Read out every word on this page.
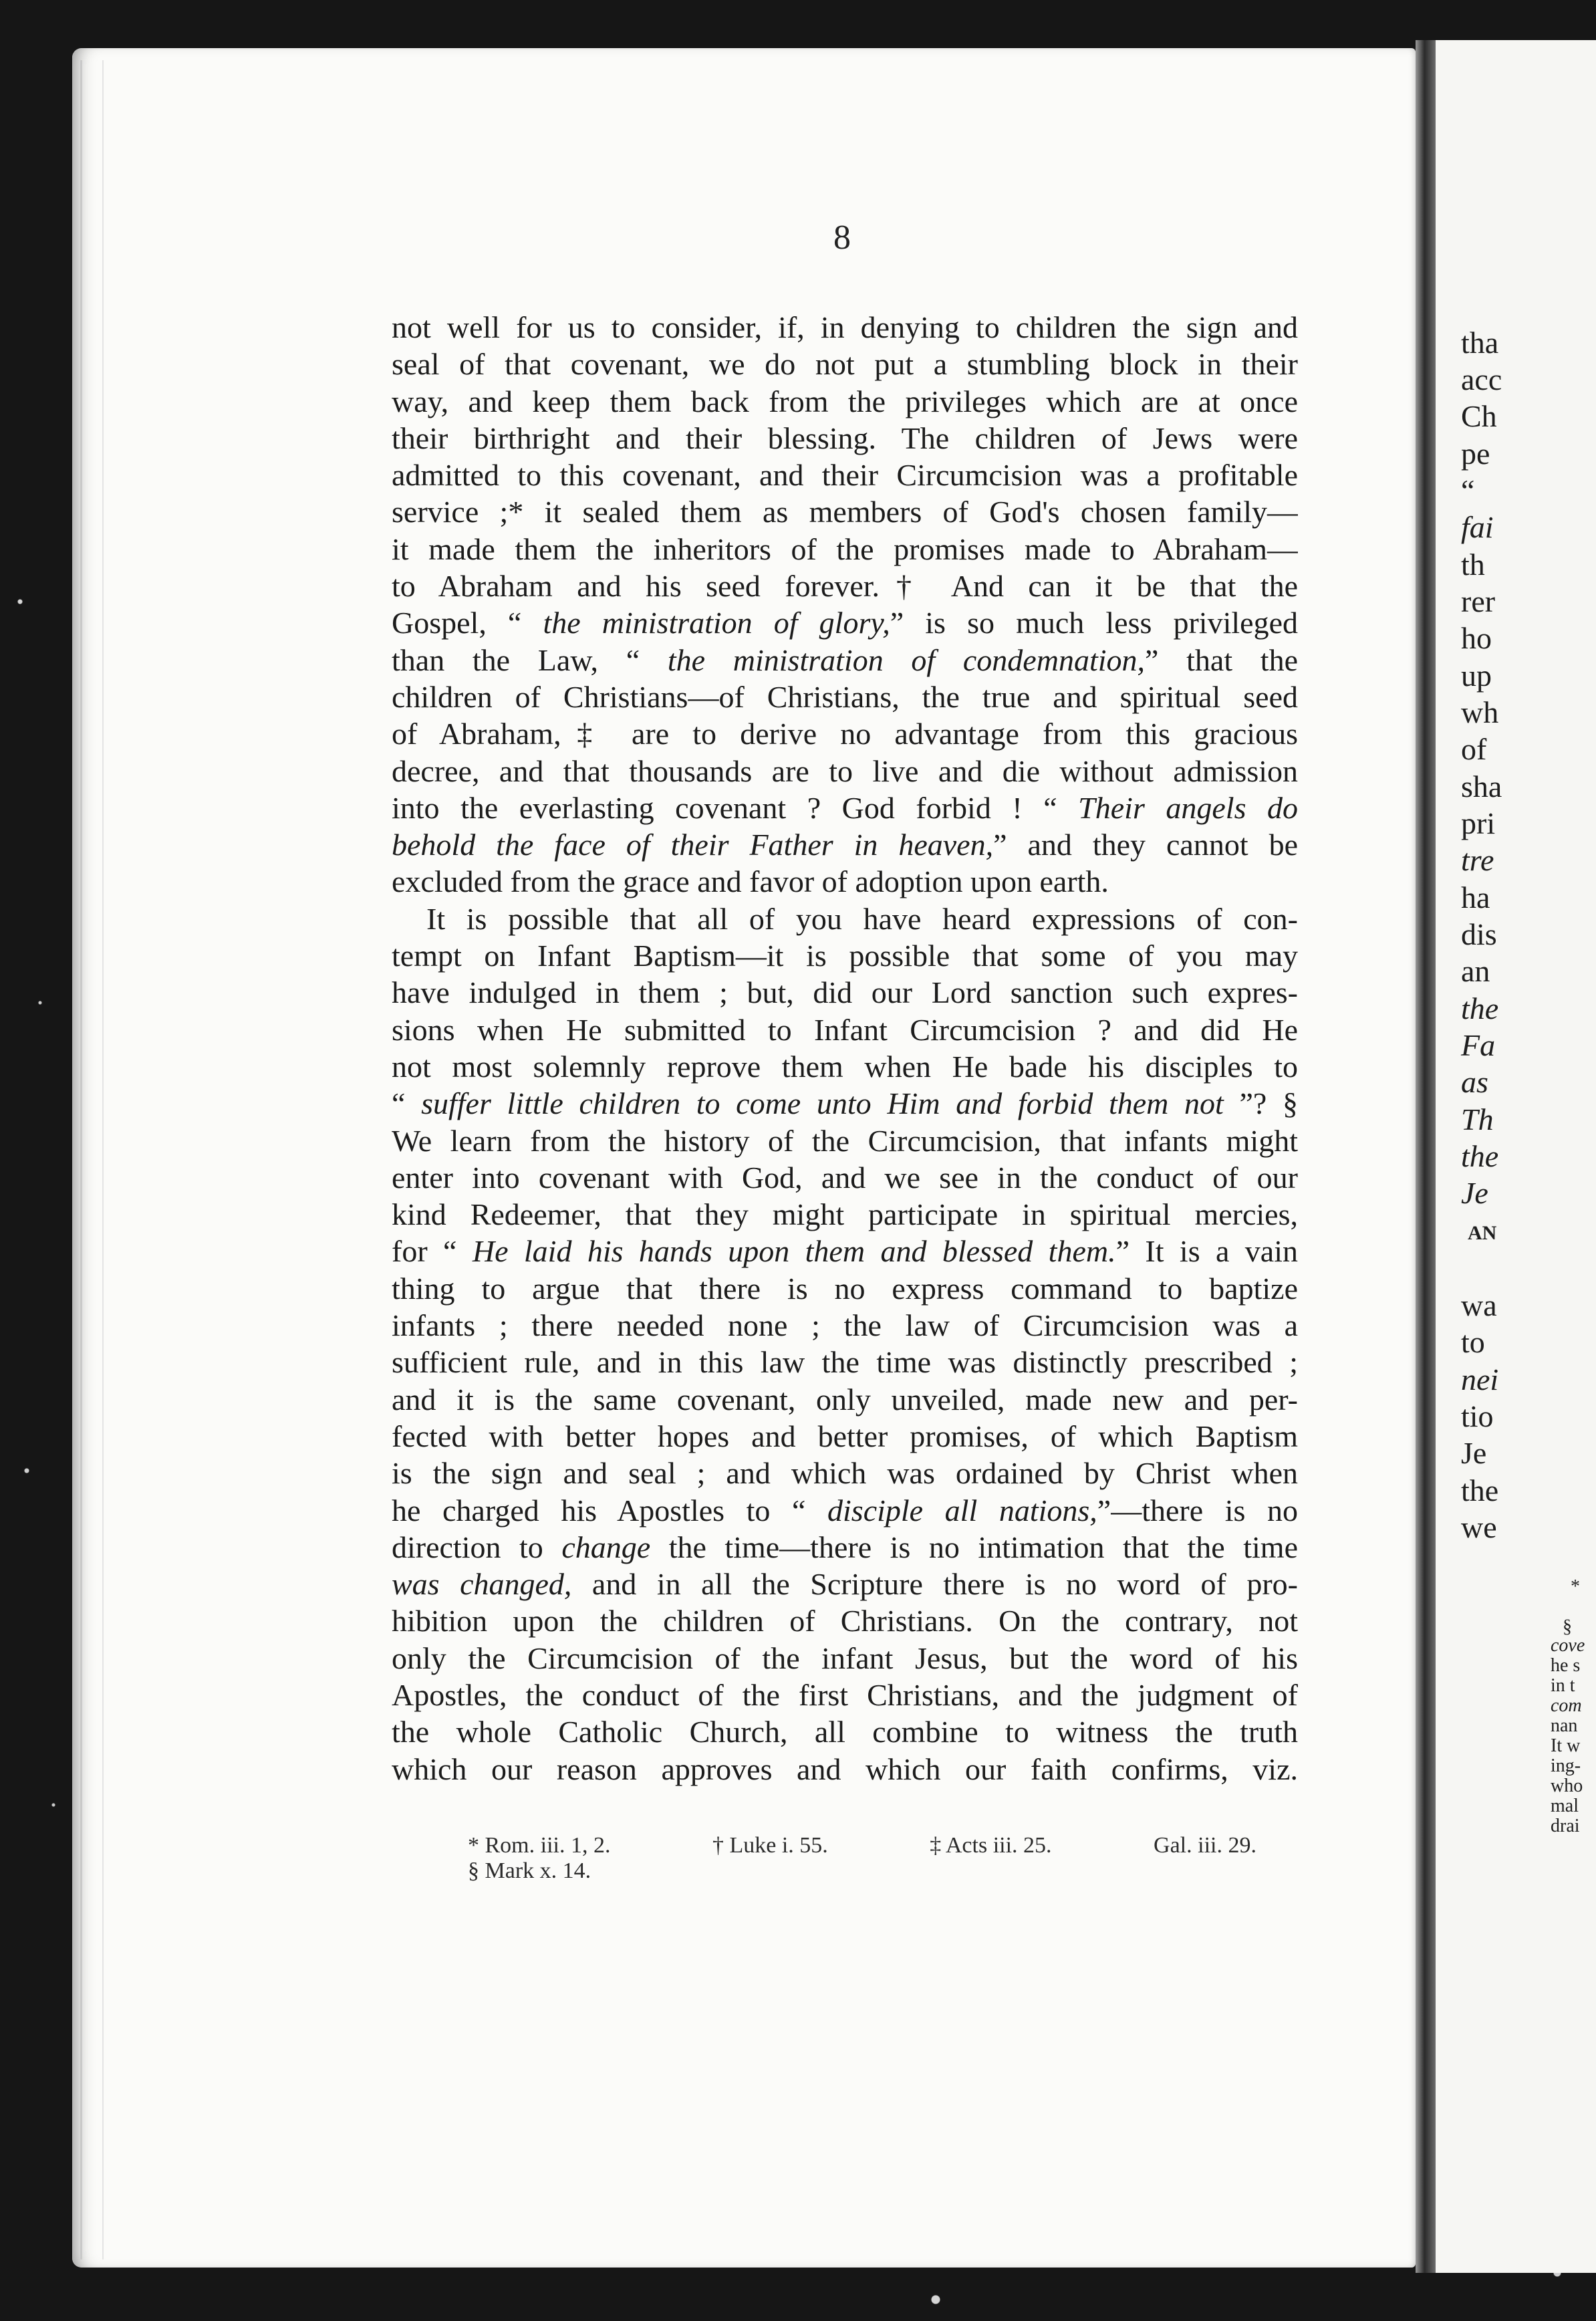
8
not well for us to consider, if, in denying to children the sign and
seal of that covenant, we do not put a stumbling block in their
way, and keep them back from the privileges which are at once
their birthright and their blessing. The children of Jews were
admitted to this covenant, and their Circumcision was a profitable
service ;* it sealed them as members of God's chosen family—
it made them the inheritors of the promises made to Abraham—
to Abraham and his seed forever.† And can it be that the
Gospel, “ the ministration of glory,” is so much less privileged
than the Law, “ the ministration of condemnation,” that the
children of Christians—of Christians, the true and spiritual seed
of Abraham,‡ are to derive no advantage from this gracious
decree, and that thousands are to live and die without admission
into the everlasting covenant ? God forbid ! “ Their angels do
behold the face of their Father in heaven,” and they cannot be
excluded from the grace and favor of adoption upon earth.
It is possible that all of you have heard expressions of con-
tempt on Infant Baptism—it is possible that some of you may
have indulged in them ; but, did our Lord sanction such expres-
sions when He submitted to Infant Circumcision ? and did He
not most solemnly reprove them when He bade his disciples to
“ suffer little children to come unto Him and forbid them not ”? §
We learn from the history of the Circumcision, that infants might
enter into covenant with God, and we see in the conduct of our
kind Redeemer, that they might participate in spiritual mercies,
for “ He laid his hands upon them and blessed them.” It is a vain
thing to argue that there is no express command to baptize
infants ; there needed none ; the law of Circumcision was a
sufficient rule, and in this law the time was distinctly prescribed ;
and it is the same covenant, only unveiled, made new and per-
fected with better hopes and better promises, of which Baptism
is the sign and seal ; and which was ordained by Christ when
he charged his Apostles to “ disciple all nations,”—there is no
direction to change the time—there is no intimation that the time
was changed, and in all the Scripture there is no word of pro-
hibition upon the children of Christians. On the contrary, not
only the Circumcision of the infant Jesus, but the word of his
Apostles, the conduct of the first Christians, and the judgment of
the whole Catholic Church, all combine to witness the truth
which our reason approves and which our faith confirms, viz.
* Rom. iii. 1, 2.	† Luke i. 55.	‡ Acts iii. 25.	Gal. iii. 29.
§ Mark x. 14.
tha
acc
Ch
pe
“
fai
th
rer
ho
up
wh
of
sha
pri
tre
ha
dis
an
the
Fa
as
Th
the
Je
AN
wa
to
nei
tio
Je
the
we
*
§
cove
he s
in t
com
nan
It w
ing-
who
mal
drai
